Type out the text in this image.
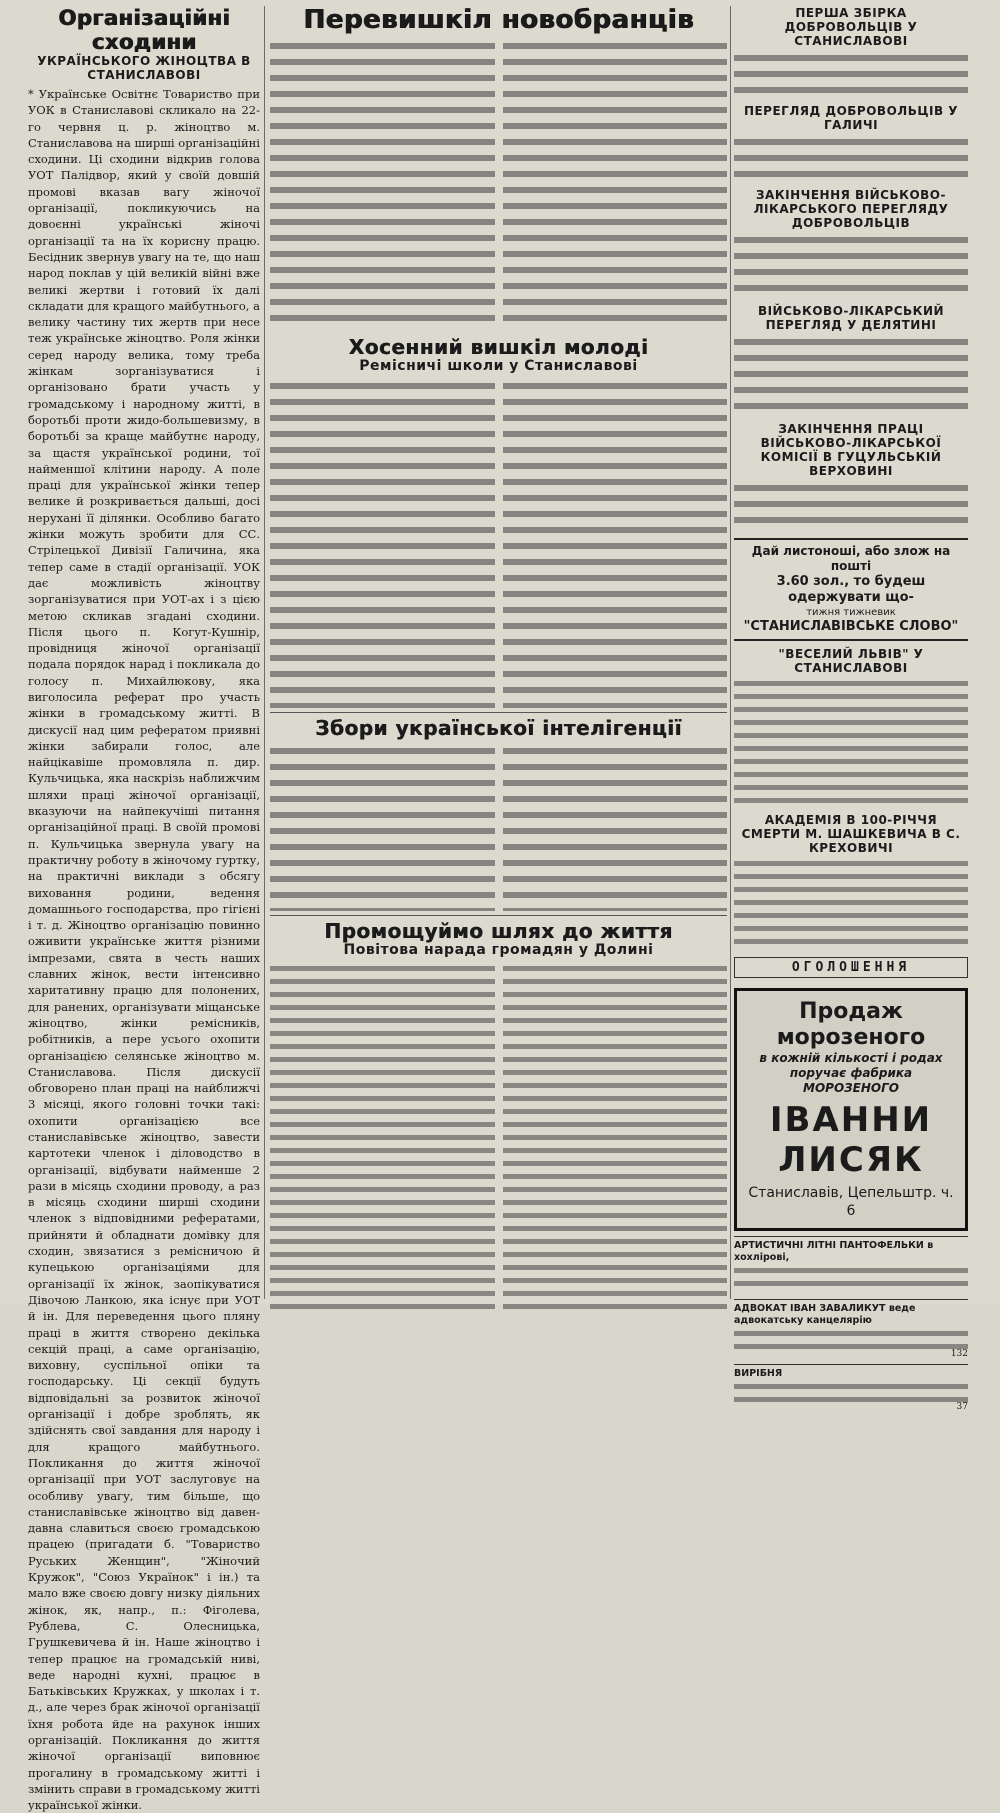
Організаційні сходини
УКРАЇНСЬКОГО ЖІНОЦТВА В СТАНИСЛАВОВІ

* Українське Освітнє Товариство при УОК в Станиславові скликало на 22-го червня ц. р. жіноцтво м. Станиславова на ширші організаційні сходини. Ці сходини відкрив голова УОТ Палідвор, який у своїй довшій промові вказав вагу жіночої організації, покликуючись на довоєнні українські жіночі організації та на їх корисну працю. Бесідник звернув увагу на те, що наш народ поклав у цій великій війні вже великі жертви і готовий їх далі складати для кращого майбутнього, а велику частину тих жертв при несе теж українське жіноцтво. Роля жінки серед народу велика, тому треба жінкам зорганізуватися і організовано брати участь у громадському і народному житті, в боротьбі проти жидо-большевизму, в боротьбі за краще майбутнє народу, за щастя української родини, тої найменшої клітини народу. А поле праці для української жінки тепер велике й розкривається дальші, досі нерухані її ділянки. Особливо багато жінки можуть зробити для СС. Стрілецької Дивізії Галичина, яка тепер саме в стадії організації. УОК дає можливість жіноцтву зорганізуватися при УОТ-ах і з цією метою скликав згадані сходини. Після цього п. Когут-Кушнір, провідниця жіночої організації подала порядок нарад і покликала до голосу п. Михайлюкову, яка виголосила реферат про участь жінки в громадському житті. В дискусії над цим рефератом приявні жінки забирали голос, але найцікавіше промовляла п. дир. Кульчицька, яка наскрізь наближчим шляхи праці жіночої організації, вказуючи на найпекучіші питання організаційної праці. В своїй промові п. Кульчицька звернула увагу на практичну роботу в жіночому гуртку, на практичні виклади з обсягу виховання родини, ведення домашнього господарства, про гігієні і т. д. Жіноцтво організацію повинно оживити українське життя різними імпрезами, свята в честь наших славних жінок, вести інтенсивно харитативну працю для полонених, для ранених, організувати міщанське жіноцтво, жінки ремісників, робітників, а пере усього охопити організацією селянське жіноцтво м. Станиславова. Після дискусії обговорено план праці на найближчі 3 місяці, якого головні точки такі: охопити організацією все станиславівське жіноцтво, завести картотеки членок і діловодство в організації, відбувати найменше 2 рази в місяць сходини проводу, а раз в місяць сходини ширші сходини членок з відповідними рефератами, прийняти й обладнати домівку для сходин, звязатися з ремісничою й купецькою організаціями для організації їх жінок, заопікуватися Дівочою Ланкою, яка існує при УОТ й ін. Для переведення цього пляну праці в життя створено декілька секцій праці, а саме організацію, виховну, суспільної опіки та господарську. Ці секції будуть відповідальні за розвиток жіночої організації і добре зроблять, як здійснять свої завдання для народу і для кращого майбутнього. Покликання до життя жіночої організації при УОТ заслуговує на особливу увагу, тим більше, що станиславівське жіноцтво від давен-давна славиться своєю громадською працею (пригадати б. "Товариство Руських Женщин", "Жіночий Кружок", "Союз Українок" і ін.) та мало вже своєю довгу низку діяльних жінок, як, напр., п.: Фіголева, Рублева, С. Олесницька, Грушкевичева й ін. Наше жіноцтво і тепер працює на громадській ниві, веде народні кухні, працює в Батьківських Кружках, у школах і т. д., але через брак жіночої організації їхня робота йде на рахунок інших організацій. Покликання до життя жіночої організації виповнює прогалину в громадському житті і змінить справи в громадському житті української жінки.

Перевишкіл новобранців
Хосенний вишкіл молоді
Ремісничі школи у Станиславові
Збори української інтелігенції
Промощуймо шлях до життя
Повітова нарада громадян у Долині
ПЕРША ЗБІРКА ДОБРОВОЛЬЦІВ У СТАНИСЛАВОВІ
ПЕРЕГЛЯД ДОБРОВОЛЬЦІВ У ГАЛИЧІ
ЗАКІНЧЕННЯ ВІЙСЬКОВО-ЛІКАРСЬКОГО ПЕРЕГЛЯДУ ДОБРОВОЛЬЦІВ
ВІЙСЬКОВО-ЛІКАРСЬКИЙ ПЕРЕГЛЯД У ДЕЛЯТИНІ
ЗАКІНЧЕННЯ ПРАЦІ ВІЙСЬКОВО-ЛІКАРСЬКОЇ КОМІСІЇ В ГУЦУЛЬСЬКІЙ ВЕРХОВИНІ
Дай листоноші, або злож на пошті
3.60 зол., то будеш одержувати що-
тижня тижневик
"СТАНИСЛАВІВСЬКЕ СЛОВО"
"ВЕСЕЛИЙ ЛЬВІВ" У СТАНИСЛАВОВІ
АКАДЕМІЯ В 100-РІЧЧЯ СМЕРТИ М. ШАШКЕВИЧА В С. КРЕХОВИЧІ
ОГОЛОШЕННЯ
Продаж морозеного
в кожній кількості і родах
поручає фабрика МОРОЗЕНОГО
ІВАННИ ЛИСЯК
Станиславів, Цепельштр. ч. 6
АРТИСТИЧНІ ЛІТНІ ПАНТОФЕЛЬКИ в хохлірові,
АДВОКАТ ІВАН ЗАВАЛИКУТ веде адвокатську канцелярію
132
ВИРІБНЯ
37
